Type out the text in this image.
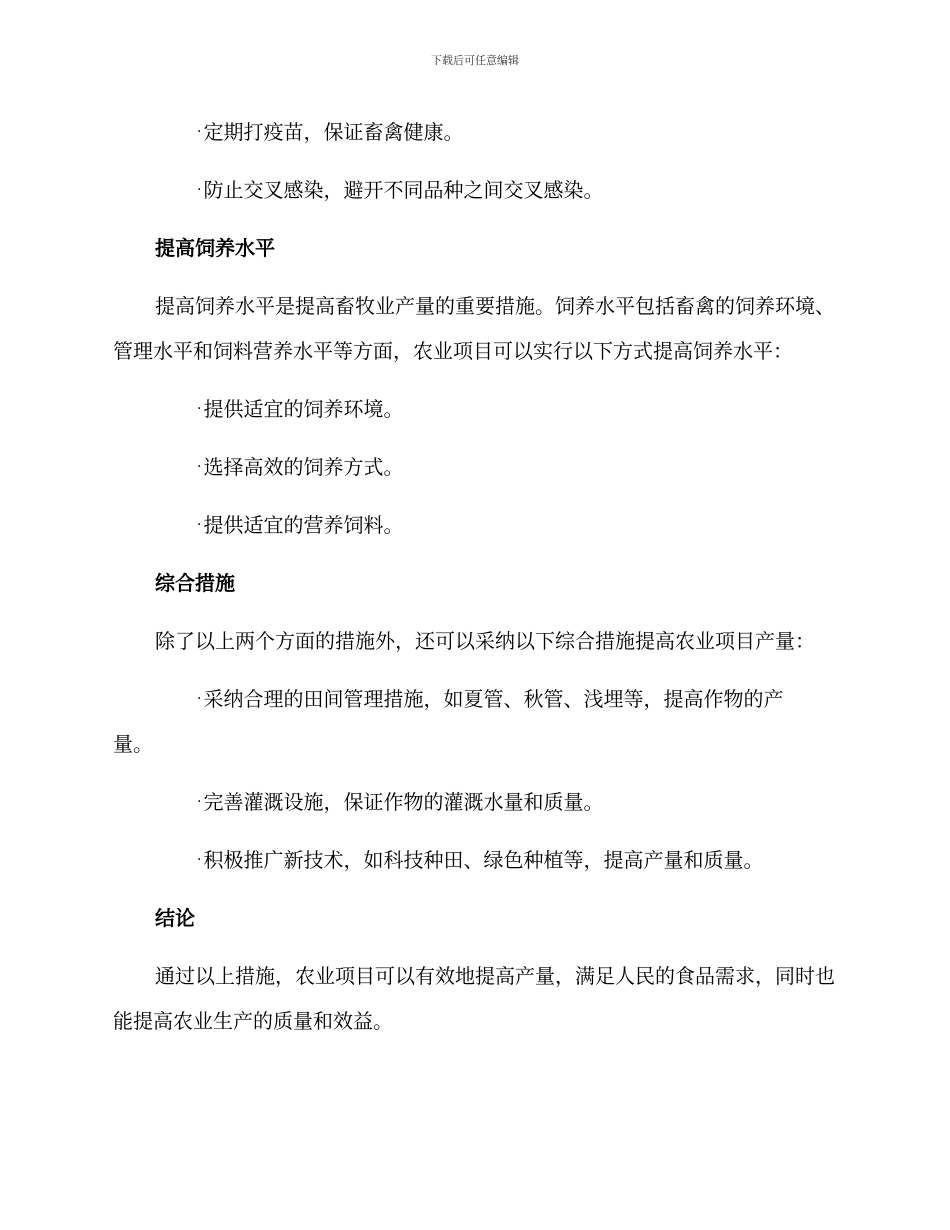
下载后可任意编辑

· 定期打疫苗，保证畜禽健康。

· 防止交叉感染，避开不同品种之间交叉感染。

提高饲养水平

提高饲养水平是提高畜牧业产量的重要措施。饲养水平包括畜禽的饲养环境、管理水平和饲料营养水平等方面，农业项目可以实行以下方式提高饲养水平：

· 提供适宜的饲养环境。

· 选择高效的饲养方式。

· 提供适宜的营养饲料。

综合措施

除了以上两个方面的措施外，还可以采纳以下综合措施提高农业项目产量：

· 采纳合理的田间管理措施，如夏管、秋管、浅埋等，提高作物的产量。

· 完善灌溉设施，保证作物的灌溉水量和质量。

· 积极推广新技术，如科技种田、绿色种植等，提高产量和质量。

结论

通过以上措施，农业项目可以有效地提高产量，满足人民的食品需求，同时也能提高农业生产的质量和效益。
